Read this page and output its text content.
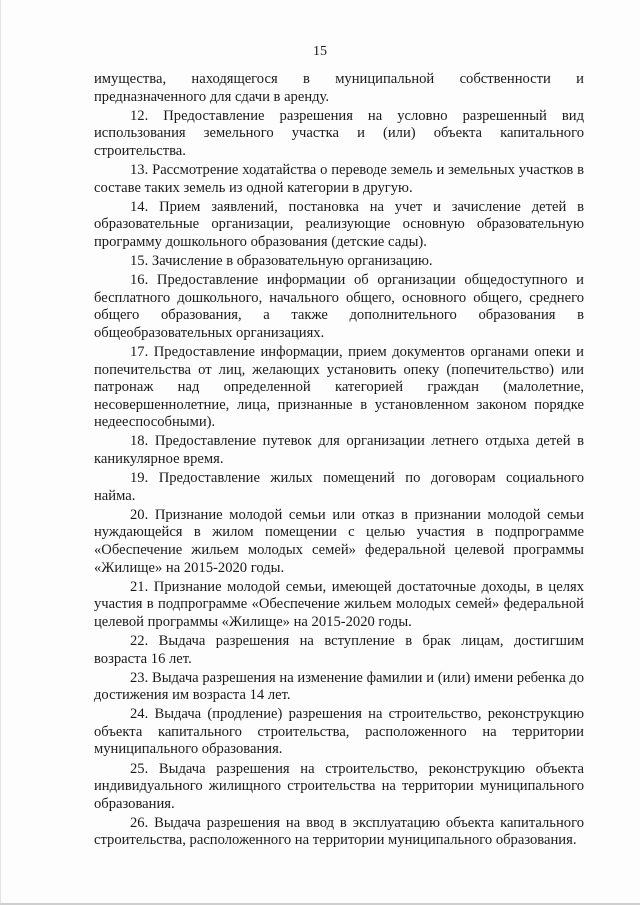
15

имущества, находящегося в муниципальной собственности и предназначенного для сдачи в аренду.

12. Предоставление разрешения на условно разрешенный вид использования земельного участка и (или) объекта капитального строительства.

13. Рассмотрение ходатайства о переводе земель и земельных участков в составе таких земель из одной категории в другую.

14. Прием заявлений, постановка на учет и зачисление детей в образовательные организации, реализующие основную образовательную программу дошкольного образования (детские сады).

15. Зачисление в образовательную организацию.

16. Предоставление информации об организации общедоступного и бесплатного дошкольного, начального общего, основного общего, среднего общего образования, а также дополнительного образования в общеобразовательных организациях.

17. Предоставление информации, прием документов органами опеки и попечительства от лиц, желающих установить опеку (попечительство) или патронаж над определенной категорией граждан (малолетние, несовершеннолетние, лица, признанные в установленном законом порядке недееспособными).

18. Предоставление путевок для организации летнего отдыха детей в каникулярное время.

19. Предоставление жилых помещений по договорам социального найма.

20. Признание молодой семьи или отказ в признании молодой семьи нуждающейся в жилом помещении с целью участия в подпрограмме «Обеспечение жильем молодых семей» федеральной целевой программы «Жилище» на 2015-2020 годы.

21. Признание молодой семьи, имеющей достаточные доходы, в целях участия в подпрограмме «Обеспечение жильем молодых семей» федеральной целевой программы «Жилище» на 2015-2020 годы.

22. Выдача разрешения на вступление в брак лицам, достигшим возраста 16 лет.

23. Выдача разрешения на изменение фамилии и (или) имени ребенка до достижения им возраста 14 лет.

24. Выдача (продление) разрешения на строительство, реконструкцию объекта капитального строительства, расположенного на территории муниципального образования.

25. Выдача разрешения на строительство, реконструкцию объекта индивидуального жилищного строительства на территории муниципального образования.

26. Выдача разрешения на ввод в эксплуатацию объекта капитального строительства, расположенного на территории муниципального образования.
